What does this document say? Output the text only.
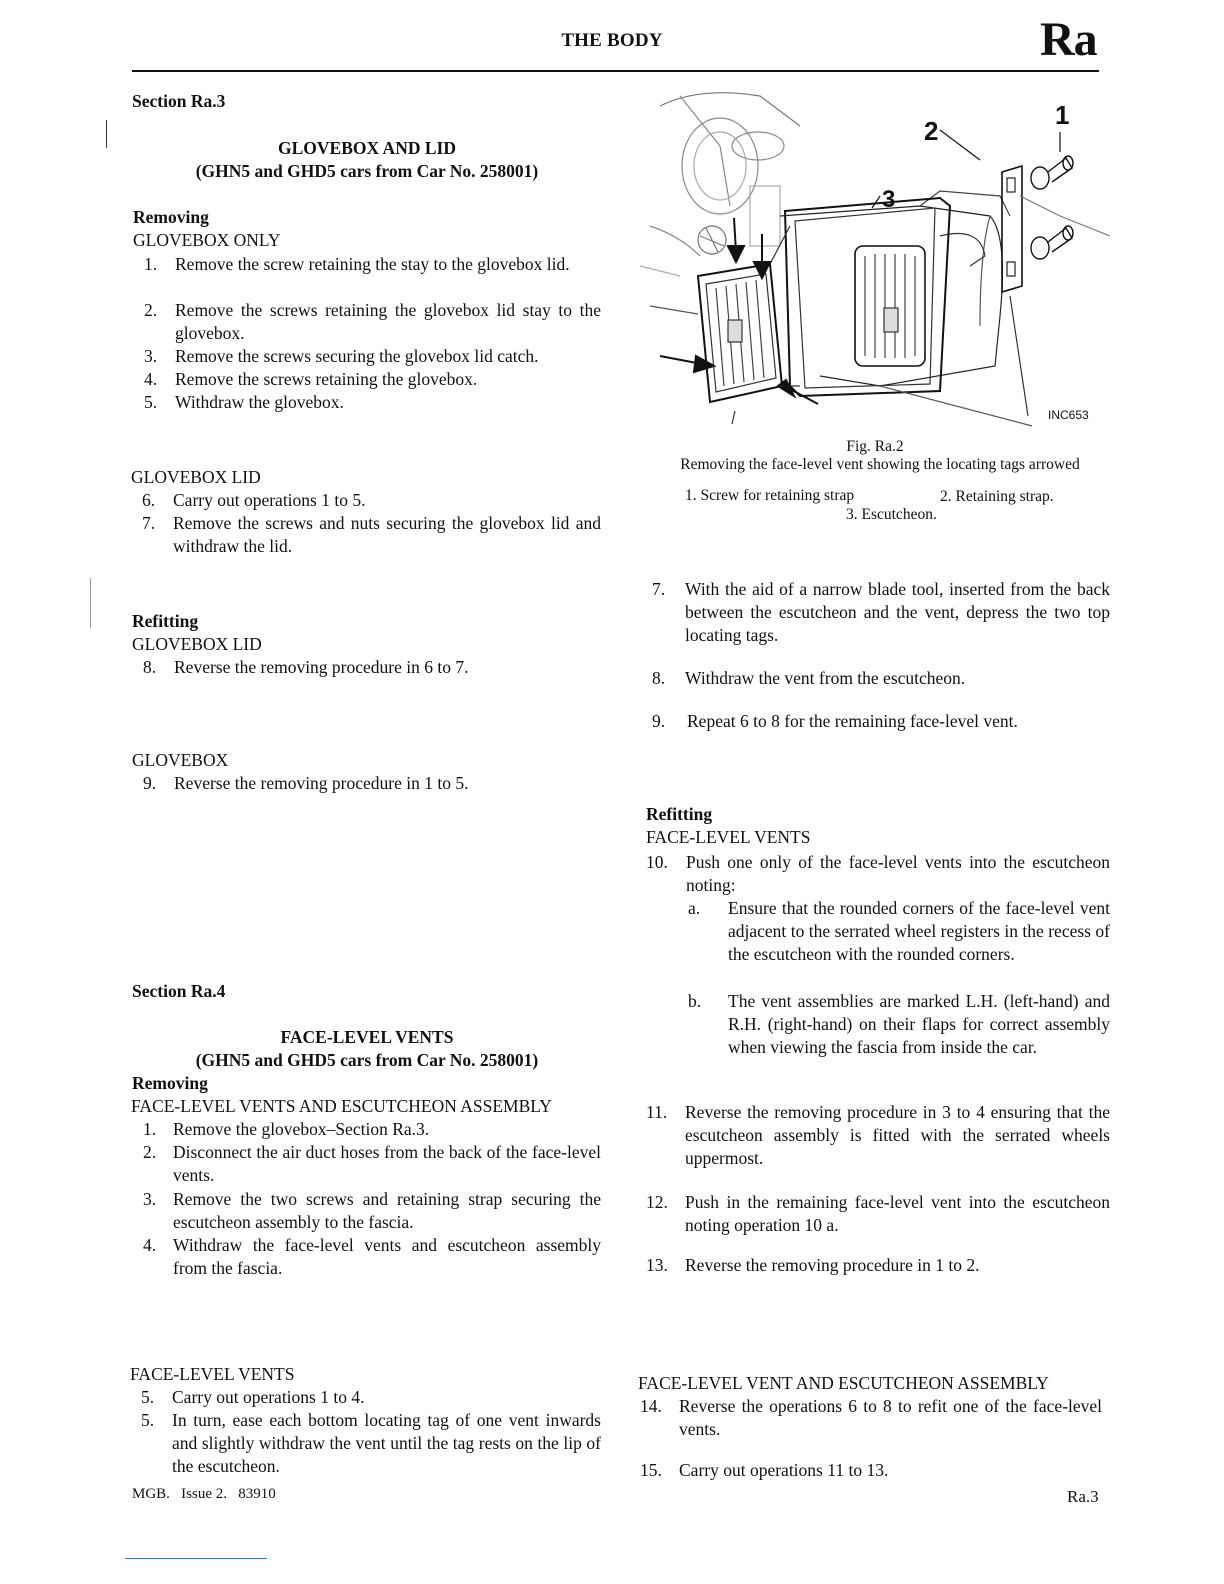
THE BODY	Ra
Section Ra.3
GLOVEBOX AND LID
(GHN5 and GHD5 cars from Car No. 258001)
Removing
GLOVEBOX ONLY
1. Remove the screw retaining the stay to the glovebox lid.
2. Remove the screws retaining the glovebox lid stay to the glovebox.
3. Remove the screws securing the glovebox lid catch.
4. Remove the screws retaining the glovebox.
5. Withdraw the glovebox.
GLOVEBOX LID
6. Carry out operations 1 to 5.
7. Remove the screws and nuts securing the glovebox lid and withdraw the lid.
Refitting
GLOVEBOX LID
8. Reverse the removing procedure in 6 to 7.
GLOVEBOX
9. Reverse the removing procedure in 1 to 5.
Section Ra.4
FACE-LEVEL VENTS
(GHN5 and GHD5 cars from Car No. 258001)
Removing
FACE-LEVEL VENTS AND ESCUTCHEON ASSEMBLY
1. Remove the glovebox–Section Ra.3.
2. Disconnect the air duct hoses from the back of the face-level vents.
3. Remove the two screws and retaining strap securing the escutcheon assembly to the fascia.
4. Withdraw the face-level vents and escutcheon assembly from the fascia.
FACE-LEVEL VENTS
5. Carry out operations 1 to 4.
5. In turn, ease each bottom locating tag of one vent inwards and slightly withdraw the vent until the tag rests on the lip of the escutcheon.
1
2
3
INC653
Fig. Ra.2
Removing the face-level vent showing the locating tags arrowed
1. Screw for retaining strap	2. Retaining strap.
3. Escutcheon.
7. With the aid of a narrow blade tool, inserted from the back between the escutcheon and the vent, depress the two top locating tags.
8. Withdraw the vent from the escutcheon.
9. Repeat 6 to 8 for the remaining face-level vent.
Refitting
FACE-LEVEL VENTS
10. Push one only of the face-level vents into the escutcheon noting:
a. Ensure that the rounded corners of the face-level vent adjacent to the serrated wheel registers in the recess of the escutcheon with the rounded corners.
b. The vent assemblies are marked L.H. (left-hand) and R.H. (right-hand) on their flaps for correct assembly when viewing the fascia from inside the car.
11. Reverse the removing procedure in 3 to 4 ensuring that the escutcheon assembly is fitted with the serrated wheels uppermost.
12. Push in the remaining face-level vent into the escutcheon noting operation 10 a.
13. Reverse the removing procedure in 1 to 2.
FACE-LEVEL VENT AND ESCUTCHEON ASSEMBLY
14. Reverse the operations 6 to 8 to refit one of the face-level vents.
15. Carry out operations 11 to 13.
MGB.   Issue 2.   83910	Ra.3
